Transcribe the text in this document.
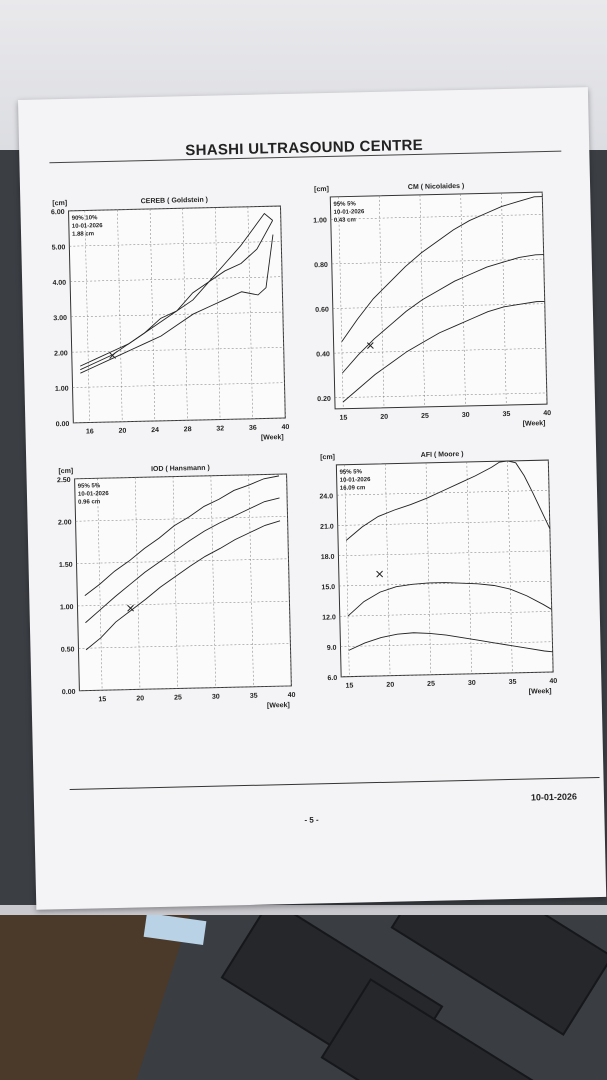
SHASHI ULTRASOUND CENTRE
16	20	24	28	32	36	40
0.00
1.00
2.00
3.00
4.00
5.00
6.00
[cm]	CEREB ( Goldstein )
[Week]
90% 10%
10-01-2026
1.88 cm
15	20	25	30	35	40
0.20
0.40
0.60
0.80
1.00
[cm]	CM ( Nicolaides )
[Week]
95% 5%
10-01-2026
0.43 cm
15	20	25	30	35	40
0.00
0.50
1.00
1.50
2.00
2.50
[cm]	IOD ( Hansmann )
[Week]
95% 5%
10-01-2026
0.96 cm
15	20	25	30	35	40
6.0
9.0
12.0
15.0
18.0
21.0
24.0
[cm]	AFI ( Moore )
[Week]
95% 5%
10-01-2026
16.09 cm
10-01-2026
- 5 -
